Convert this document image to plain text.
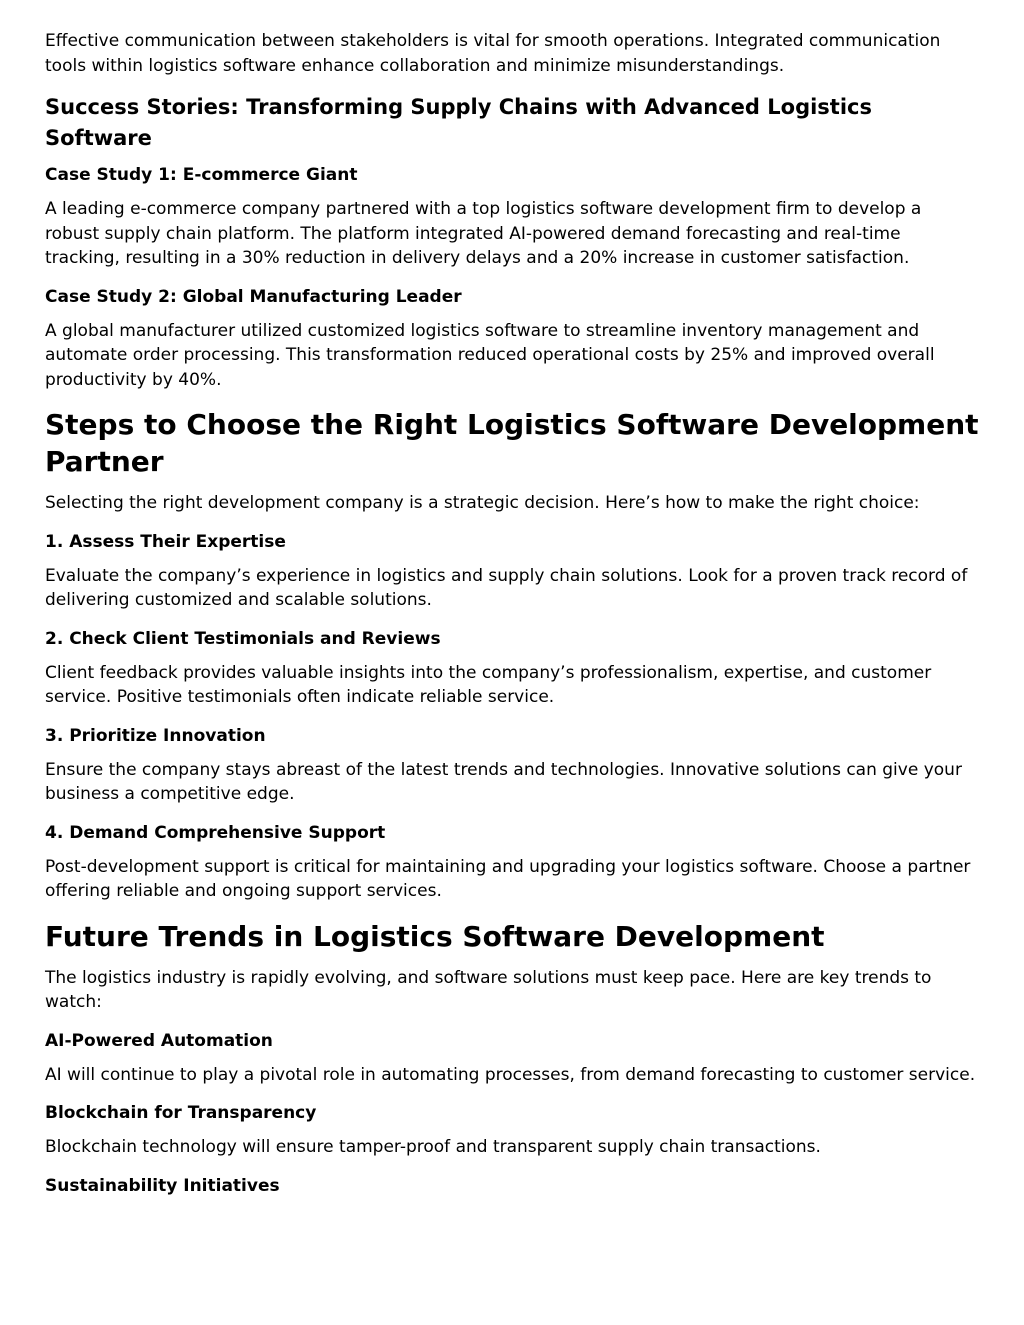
Effective communication between stakeholders is vital for smooth operations. Integrated communication tools within logistics software enhance collaboration and minimize misunderstandings.

Success Stories: Transforming Supply Chains with Advanced Logistics Software
Case Study 1: E-commerce Giant

A leading e-commerce company partnered with a top logistics software development firm to develop a robust supply chain platform. The platform integrated AI-powered demand forecasting and real-time tracking, resulting in a 30% reduction in delivery delays and a 20% increase in customer satisfaction.

Case Study 2: Global Manufacturing Leader

A global manufacturer utilized customized logistics software to streamline inventory management and automate order processing. This transformation reduced operational costs by 25% and improved overall productivity by 40%.

Steps to Choose the Right Logistics Software Development Partner

Selecting the right development company is a strategic decision. Here’s how to make the right choice:

1. Assess Their Expertise

Evaluate the company’s experience in logistics and supply chain solutions. Look for a proven track record of delivering customized and scalable solutions.

2. Check Client Testimonials and Reviews

Client feedback provides valuable insights into the company’s professionalism, expertise, and customer service. Positive testimonials often indicate reliable service.

3. Prioritize Innovation

Ensure the company stays abreast of the latest trends and technologies. Innovative solutions can give your business a competitive edge.

4. Demand Comprehensive Support

Post-development support is critical for maintaining and upgrading your logistics software. Choose a partner offering reliable and ongoing support services.

Future Trends in Logistics Software Development

The logistics industry is rapidly evolving, and software solutions must keep pace. Here are key trends to watch:

AI-Powered Automation

AI will continue to play a pivotal role in automating processes, from demand forecasting to customer service.

Blockchain for Transparency

Blockchain technology will ensure tamper-proof and transparent supply chain transactions.

Sustainability Initiatives
